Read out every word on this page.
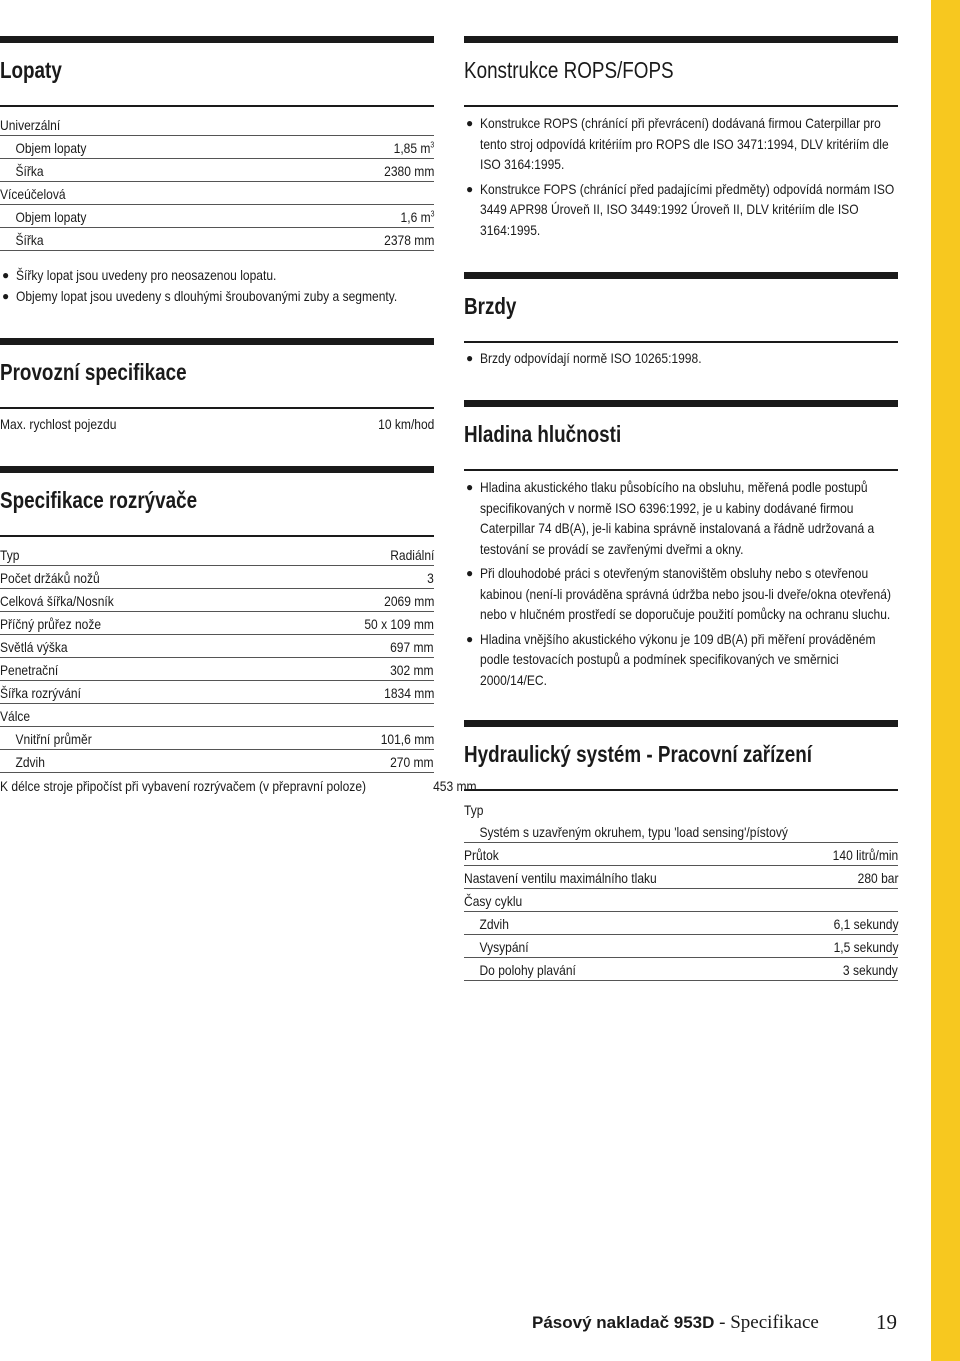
Lopaty
Univerzální
Objem lopaty	1,85 $m^3$
Šířka	2380 mm
Víceúčelová
Objem lopaty	1,6 $m^3$
Šířka	2378 mm
● Šířky lopat jsou uvedeny pro neosazenou lopatu.
● Objemy lopat jsou uvedeny s dlouhými šroubovanými zuby a segmenty.
Provozní specifikace
Max. rychlost pojezdu	10 km/hod
Specifikace rozrývače
Typ	Radiální
Počet držáků nožů	3
Celková šířka/Nosník	2069 mm
Příčný průřez nože	50 x 109 mm
Světlá výška	697 mm
Penetrační	302 mm
Šířka rozrývání	1834 mm
Válce
Vnitřní průměr	101,6 mm
Zdvih	270 mm
K délce stroje připočíst při vybavení rozrývačem (v přepravní poloze)	453 mm
Konstrukce ROPS/FOPS
● Konstrukce ROPS (chránící při převrácení) dodávaná firmou Caterpillar pro tento stroj odpovídá kritériím pro ROPS dle ISO 3471:1994, DLV kritériím dle ISO 3164:1995.
● Konstrukce FOPS (chránící před padajícími předměty) odpovídá normám ISO 3449 APR98 Úroveň II, ISO 3449:1992 Úroveň II, DLV kritériím dle ISO 3164:1995.
Brzdy
● Brzdy odpovídají normě ISO 10265:1998.
Hladina hlučnosti
● Hladina akustického tlaku působícího na obsluhu, měřená podle postupů specifikovaných v normě ISO 6396:1992, je u kabiny dodávané firmou Caterpillar 74 dB(A), je-li kabina správně instalovaná a řádně udržovaná a testování se provádí se zavřenými dveřmi a okny.
● Při dlouhodobé práci s otevřeným stanovištěm obsluhy nebo s otevřenou kabinou (není-li prováděna správná údržba nebo jsou-li dveře/okna otevřená) nebo v hlučném prostředí se doporučuje použití pomůcky na ochranu sluchu.
● Hladina vnějšího akustického výkonu je 109 dB(A) při měření prováděném podle testovacích postupů a podmínek specifikovaných ve směrnici 2000/14/EC.
Hydraulický systém - Pracovní zařízení
Typ
Systém s uzavřeným okruhem, typu 'load sensing'/pístový
Průtok	140 litrů/min
Nastavení ventilu maximálního tlaku	280 bar
Časy cyklu
Zdvih	6,1 sekundy
Vysypání	1,5 sekundy
Do polohy plavání	3 sekundy
Pásový nakladač 953D - Specifikace	19
